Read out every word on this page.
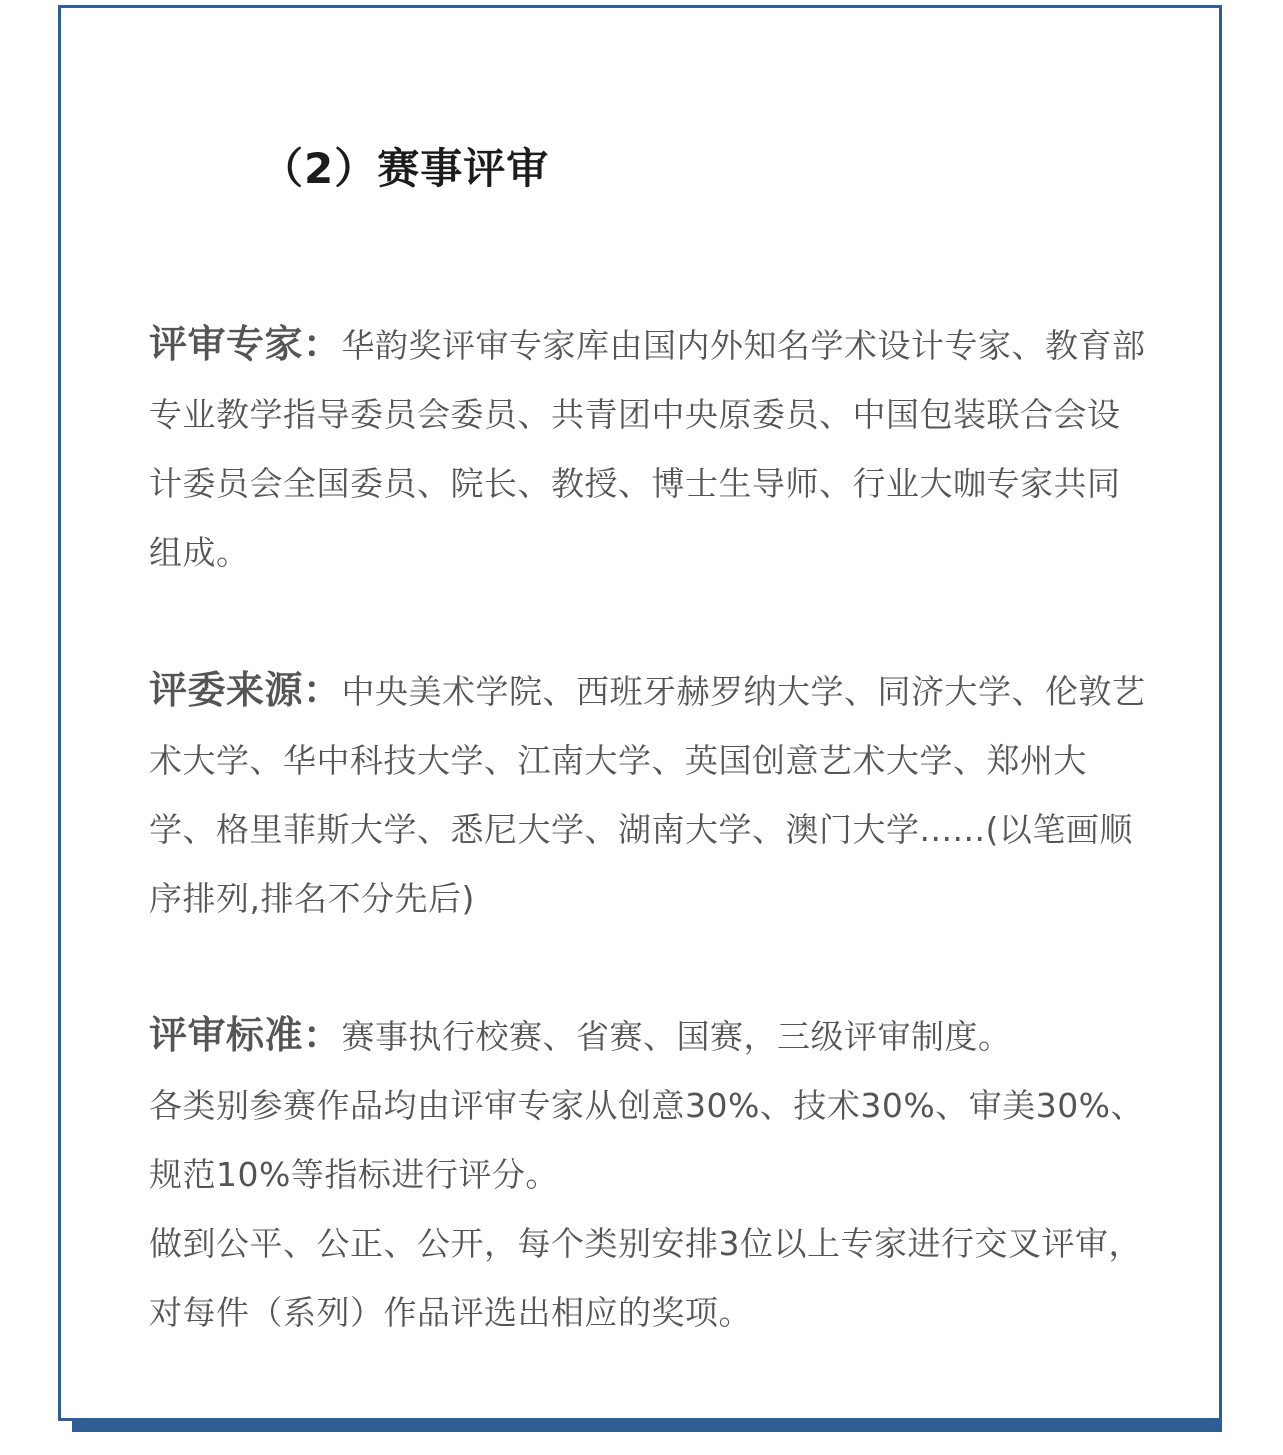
（2）赛事评审

评审专家：华韵奖评审专家库由国内外知名学术设计专家、教育部专业教学指导委员会委员、共青团中央原委员、中国包装联合会设计委员会全国委员、院长、教授、博士生导师、行业大咖专家共同组成。

评委来源：中央美术学院、西班牙赫罗纳大学、同济大学、伦敦艺术大学、华中科技大学、江南大学、英国创意艺术大学、郑州大学、格里菲斯大学、悉尼大学、湖南大学、澳门大学......(以笔画顺序排列,排名不分先后)

评审标准：赛事执行校赛、省赛、国赛，三级评审制度。
各类别参赛作品均由评审专家从创意30%、技术30%、审美30%、规范10%等指标进行评分。
做到公平、公正、公开，每个类别安排3位以上专家进行交叉评审，对每件（系列）作品评选出相应的奖项。
